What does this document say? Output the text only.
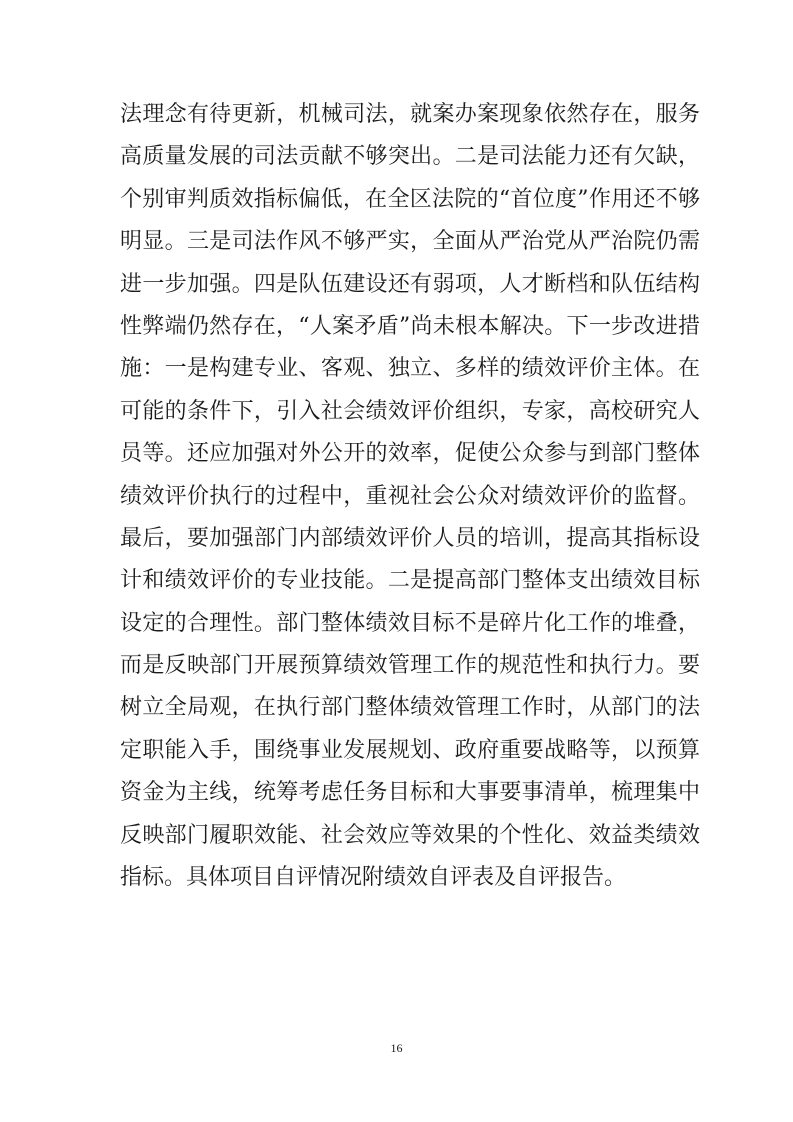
法理念有待更新，机械司法，就案办案现象依然存在，服务
高质量发展的司法贡献不够突出。二是司法能力还有欠缺，
个别审判质效指标偏低，在全区法院的“首位度”作用还不够
明显。三是司法作风不够严实，全面从严治党从严治院仍需
进一步加强。四是队伍建设还有弱项，人才断档和队伍结构
性弊端仍然存在，“人案矛盾”尚未根本解决。下一步改进措
施：一是构建专业、客观、独立、多样的绩效评价主体。在
可能的条件下，引入社会绩效评价组织，专家，高校研究人
员等。还应加强对外公开的效率，促使公众参与到部门整体
绩效评价执行的过程中，重视社会公众对绩效评价的监督。
最后，要加强部门内部绩效评价人员的培训，提高其指标设
计和绩效评价的专业技能。二是提高部门整体支出绩效目标
设定的合理性。部门整体绩效目标不是碎片化工作的堆叠，
而是反映部门开展预算绩效管理工作的规范性和执行力。要
树立全局观，在执行部门整体绩效管理工作时，从部门的法
定职能入手，围绕事业发展规划、政府重要战略等，以预算
资金为主线，统筹考虑任务目标和大事要事清单，梳理集中
反映部门履职效能、社会效应等效果的个性化、效益类绩效
指标。具体项目自评情况附绩效自评表及自评报告。
16
